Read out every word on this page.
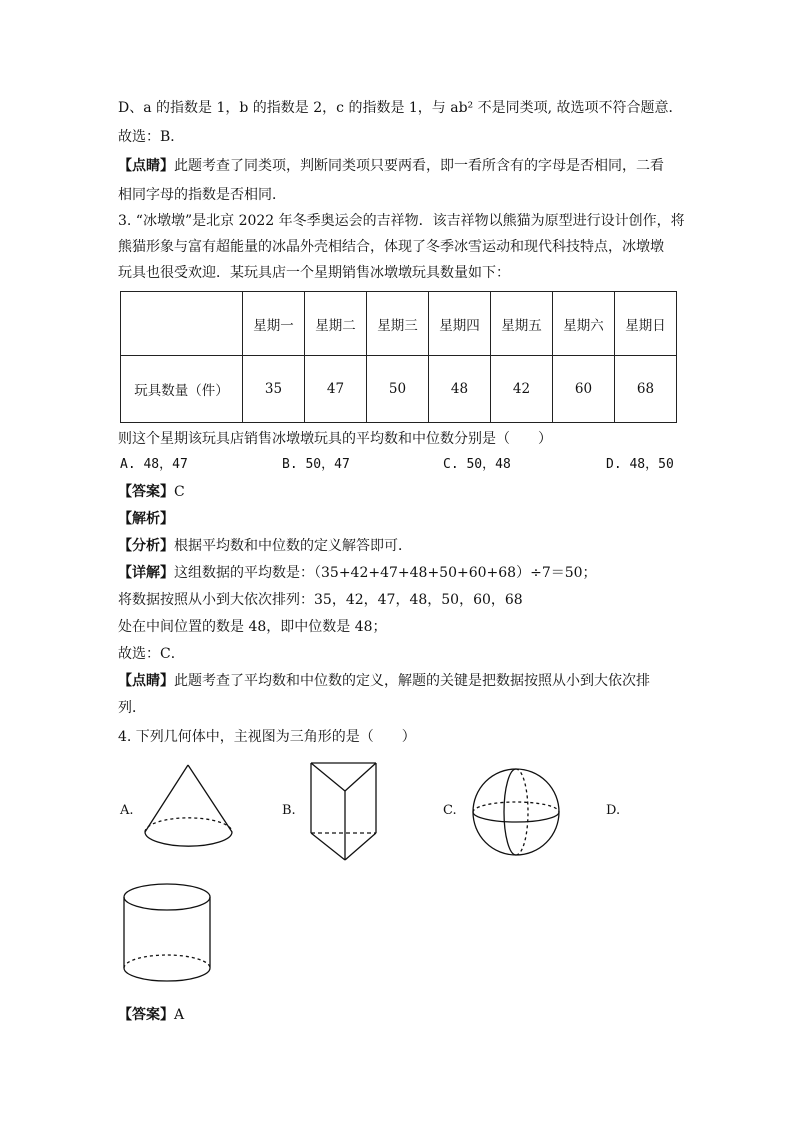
D、a 的指数是 1，b 的指数是 2，c 的指数是 1，与 ab² 不是同类项, 故选项不符合题意．
故选：B．
【点睛】此题考查了同类项，判断同类项只要两看，即一看所含有的字母是否相同，二看
相同字母的指数是否相同．
3. “冰墩墩”是北京 2022 年冬季奥运会的吉祥物．该吉祥物以熊猫为原型进行设计创作，将
熊猫形象与富有超能量的冰晶外壳相结合，体现了冬季冰雪运动和现代科技特点，冰墩墩
玩具也很受欢迎．某玩具店一个星期销售冰墩墩玩具数量如下：
	星期一	星期二	星期三	星期四	星期五	星期六	星期日
玩具数量（件）	35	47	50	48	42	60	68
则这个星期该玩具店销售冰墩墩玩具的平均数和中位数分别是（　　）
A. 48，47	B. 50，47	C. 50，48	D. 48，50
【答案】C
【解析】
【分析】根据平均数和中位数的定义解答即可．
【详解】这组数据的平均数是：（35+42+47+48+50+60+68）÷7＝50；
将数据按照从小到大依次排列：35，42，47，48，50，60，68
处在中间位置的数是 48，即中位数是 48；
故选：C．
【点睛】此题考查了平均数和中位数的定义，解题的关键是把数据按照从小到大依次排
列．
4. 下列几何体中，主视图为三角形的是（　　）
A.	B.	C.	D.
【答案】A
